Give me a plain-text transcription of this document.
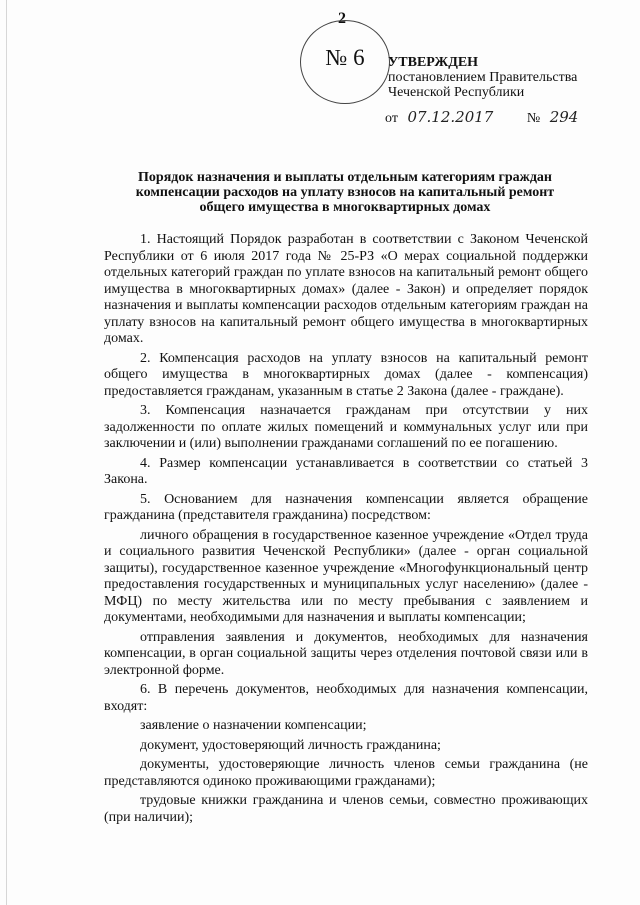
2
№ 6	УТВЕРЖДЕН
постановлением Правительства
Чеченской Республики
от 07.12.2017 № 294
Порядок назначения и выплаты отдельным категориям граждан компенсации расходов на уплату взносов на капитальный ремонт общего имущества в многоквартирных домах

1. Настоящий Порядок разработан в соответствии с Законом Чеченской Республики от 6 июля 2017 года № 25-РЗ «О мерах социальной поддержки отдельных категорий граждан по уплате взносов на капитальный ремонт общего имущества в многоквартирных домах» (далее - Закон) и определяет порядок назначения и выплаты компенсации расходов отдельным категориям граждан на уплату взносов на капитальный ремонт общего имущества в многоквартирных домах.

2. Компенсация расходов на уплату взносов на капитальный ремонт общего имущества в многоквартирных домах (далее - компенсация) предоставляется гражданам, указанным в статье 2 Закона (далее - граждане).

3. Компенсация назначается гражданам при отсутствии у них задолженности по оплате жилых помещений и коммунальных услуг или при заключении и (или) выполнении гражданами соглашений по ее погашению.

4. Размер компенсации устанавливается в соответствии со статьей 3 Закона.

5. Основанием для назначения компенсации является обращение гражданина (представителя гражданина) посредством:

личного обращения в государственное казенное учреждение «Отдел труда и социального развития Чеченской Республики» (далее - орган социальной защиты), государственное казенное учреждение «Многофункциональный центр предоставления государственных и муниципальных услуг населению» (далее - МФЦ) по месту жительства или по месту пребывания с заявлением и документами, необходимыми для назначения и выплаты компенсации;

отправления заявления и документов, необходимых для назначения компенсации, в орган социальной защиты через отделения почтовой связи или в электронной форме.

6. В перечень документов, необходимых для назначения компенсации, входят:

заявление о назначении компенсации;

документ, удостоверяющий личность гражданина;

документы, удостоверяющие личность членов семьи гражданина (не представляются одиноко проживающими гражданами);

трудовые книжки гражданина и членов семьи, совместно проживающих (при наличии);
